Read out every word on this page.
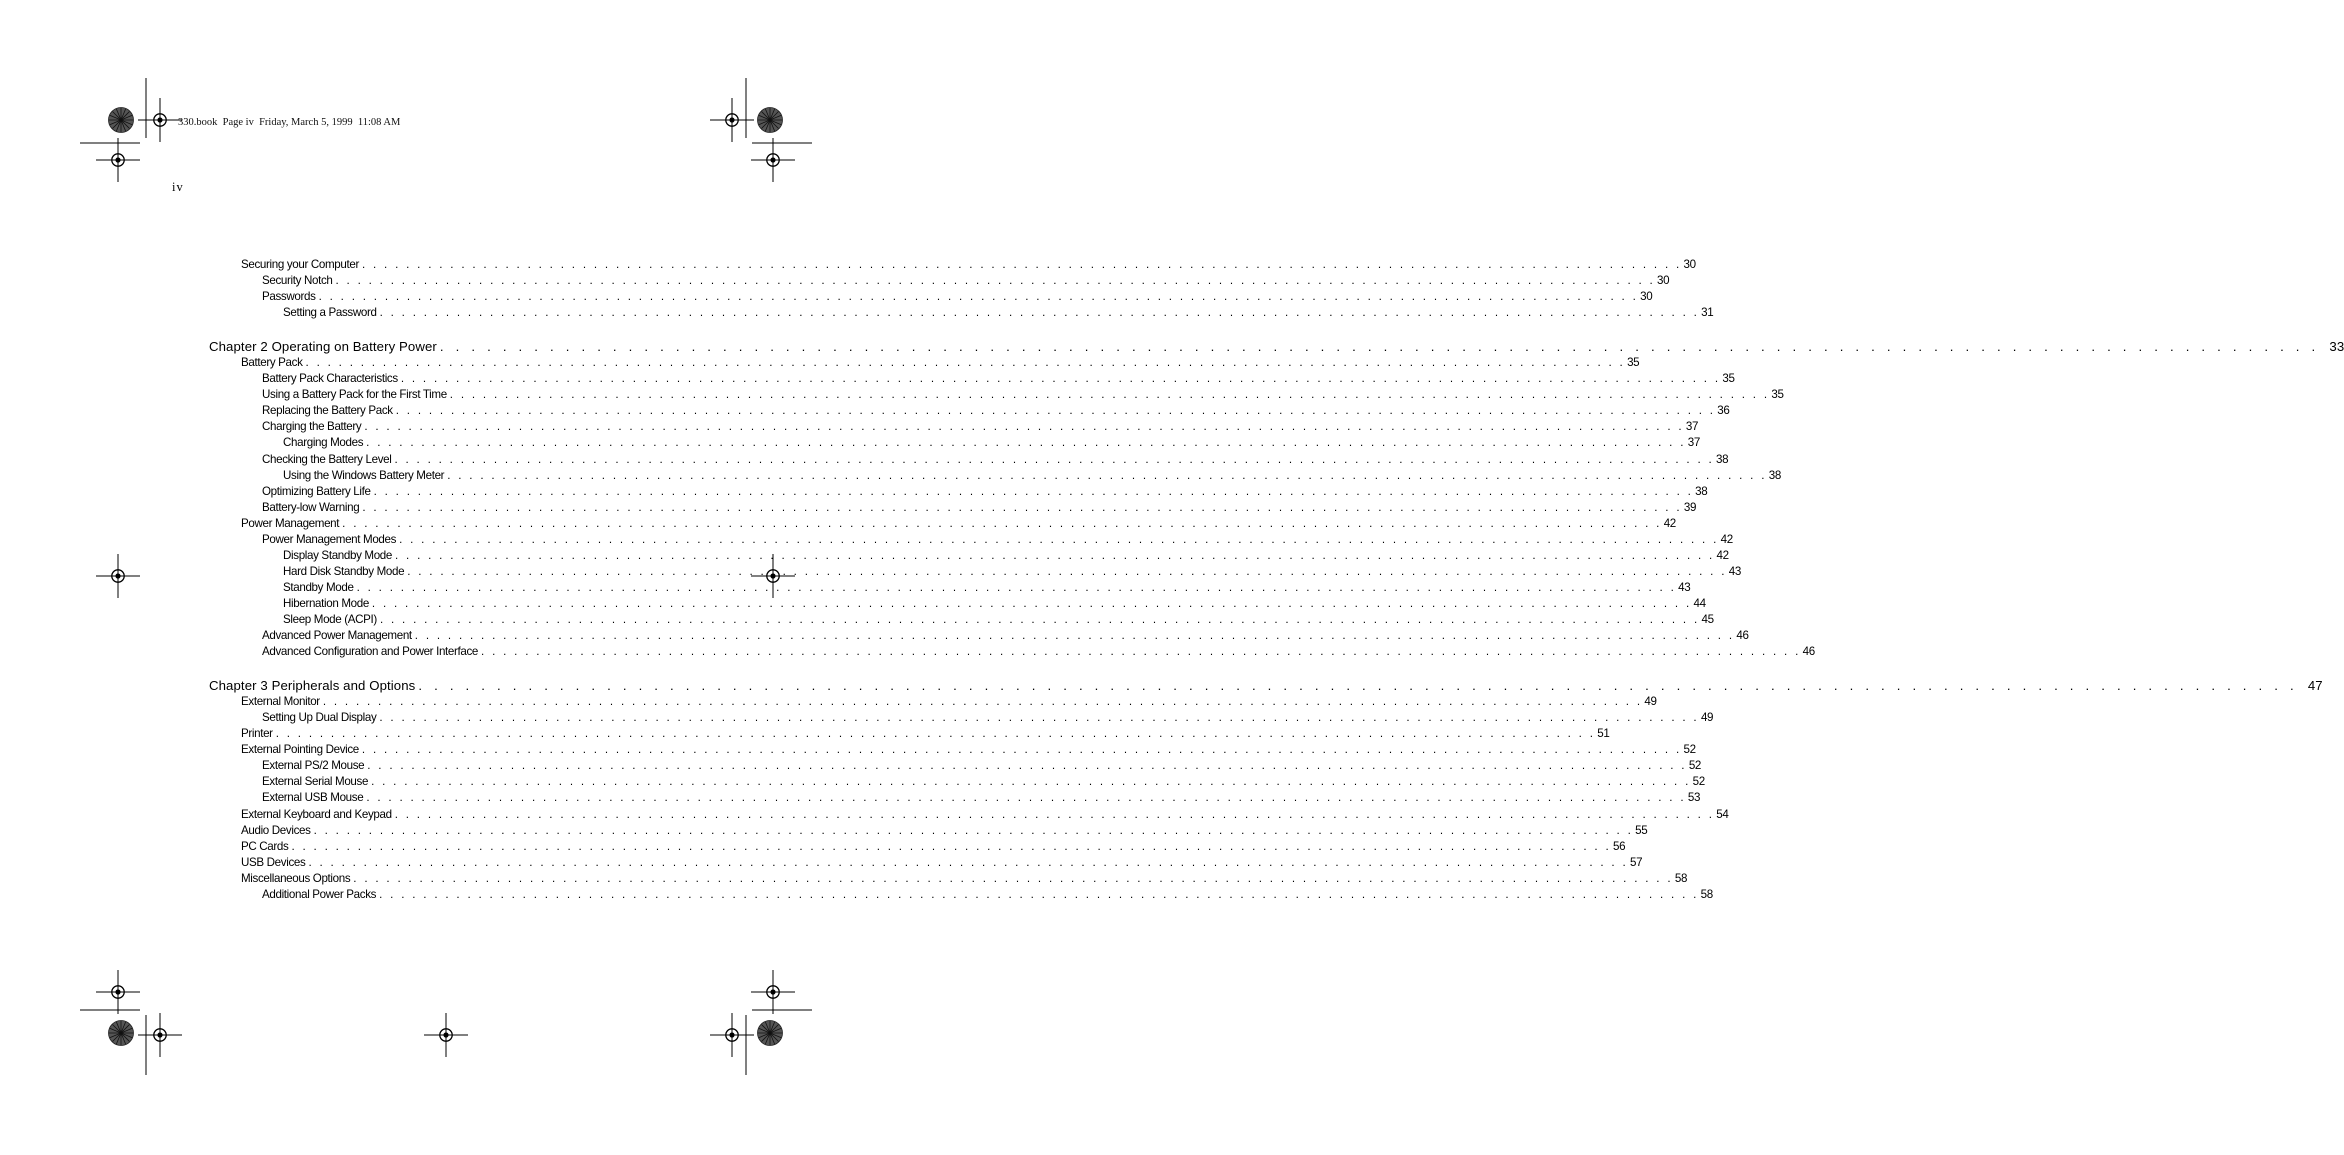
330.book  Page iv  Friday, March 5, 1999  11:08 AM
iv
Securing your Computer . . . . . . . . . . . . . . . . . . . . . . . . . . . . . . . . . . . . . . . . . . . . . . . . . . . . . . . . . . . . . . . . . . . . . . . . . . . . . . . . . . . . . . . . . . . . . . . . . . . . . . . . . . . . . . . . . . . . . . . . 30
Security Notch . . . . . . . . . . . . . . . . . . . . . . . . . . . . . . . . . . . . . . . . . . . . . . . . . . . . . . . . . . . . . . . . . . . . . . . . . . . . . . . . . . . . . . . . . . . . . . . . . . . . . . . . . . . . . . . . . . . . . . . . 30
Passwords . . . . . . . . . . . . . . . . . . . . . . . . . . . . . . . . . . . . . . . . . . . . . . . . . . . . . . . . . . . . . . . . . . . . . . . . . . . . . . . . . . . . . . . . . . . . . . . . . . . . . . . . . . . . . . . . . . . . . . . . 30
Setting a Password . . . . . . . . . . . . . . . . . . . . . . . . . . . . . . . . . . . . . . . . . . . . . . . . . . . . . . . . . . . . . . . . . . . . . . . . . . . . . . . . . . . . . . . . . . . . . . . . . . . . . . . . . . . . . . . . . . . . . . . . 31
Chapter 2 Operating on Battery Power . . . . . . . . . . . . . . . . . . . . . . . . . . . . . . . . . . . . . . . . . . . . . . . . . . . . . . . . . . . . . . . . . . . . . . . . . . . . . . . . . . . . . . . . . . . . . . . . . . . . . . . . . . . . . . . . . . . . . . . . 33
Battery Pack . . . . . . . . . . . . . . . . . . . . . . . . . . . . . . . . . . . . . . . . . . . . . . . . . . . . . . . . . . . . . . . . . . . . . . . . . . . . . . . . . . . . . . . . . . . . . . . . . . . . . . . . . . . . . . . . . . . . . . . . 35
Battery Pack Characteristics . . . . . . . . . . . . . . . . . . . . . . . . . . . . . . . . . . . . . . . . . . . . . . . . . . . . . . . . . . . . . . . . . . . . . . . . . . . . . . . . . . . . . . . . . . . . . . . . . . . . . . . . . . . . . . . . . . . . . . . . 35
Using a Battery Pack for the First Time . . . . . . . . . . . . . . . . . . . . . . . . . . . . . . . . . . . . . . . . . . . . . . . . . . . . . . . . . . . . . . . . . . . . . . . . . . . . . . . . . . . . . . . . . . . . . . . . . . . . . . . . . . . . . . . . . . . . . . . . 35
Replacing the Battery Pack . . . . . . . . . . . . . . . . . . . . . . . . . . . . . . . . . . . . . . . . . . . . . . . . . . . . . . . . . . . . . . . . . . . . . . . . . . . . . . . . . . . . . . . . . . . . . . . . . . . . . . . . . . . . . . . . . . . . . . . . 36
Charging the Battery . . . . . . . . . . . . . . . . . . . . . . . . . . . . . . . . . . . . . . . . . . . . . . . . . . . . . . . . . . . . . . . . . . . . . . . . . . . . . . . . . . . . . . . . . . . . . . . . . . . . . . . . . . . . . . . . . . . . . . . . 37
Charging Modes . . . . . . . . . . . . . . . . . . . . . . . . . . . . . . . . . . . . . . . . . . . . . . . . . . . . . . . . . . . . . . . . . . . . . . . . . . . . . . . . . . . . . . . . . . . . . . . . . . . . . . . . . . . . . . . . . . . . . . . . 37
Checking the Battery Level . . . . . . . . . . . . . . . . . . . . . . . . . . . . . . . . . . . . . . . . . . . . . . . . . . . . . . . . . . . . . . . . . . . . . . . . . . . . . . . . . . . . . . . . . . . . . . . . . . . . . . . . . . . . . . . . . . . . . . . . 38
Using the Windows Battery Meter . . . . . . . . . . . . . . . . . . . . . . . . . . . . . . . . . . . . . . . . . . . . . . . . . . . . . . . . . . . . . . . . . . . . . . . . . . . . . . . . . . . . . . . . . . . . . . . . . . . . . . . . . . . . . . . . . . . . . . . . 38
Optimizing Battery Life . . . . . . . . . . . . . . . . . . . . . . . . . . . . . . . . . . . . . . . . . . . . . . . . . . . . . . . . . . . . . . . . . . . . . . . . . . . . . . . . . . . . . . . . . . . . . . . . . . . . . . . . . . . . . . . . . . . . . . . . 38
Battery-low Warning . . . . . . . . . . . . . . . . . . . . . . . . . . . . . . . . . . . . . . . . . . . . . . . . . . . . . . . . . . . . . . . . . . . . . . . . . . . . . . . . . . . . . . . . . . . . . . . . . . . . . . . . . . . . . . . . . . . . . . . . 39
Power Management . . . . . . . . . . . . . . . . . . . . . . . . . . . . . . . . . . . . . . . . . . . . . . . . . . . . . . . . . . . . . . . . . . . . . . . . . . . . . . . . . . . . . . . . . . . . . . . . . . . . . . . . . . . . . . . . . . . . . . . . 42
Power Management Modes . . . . . . . . . . . . . . . . . . . . . . . . . . . . . . . . . . . . . . . . . . . . . . . . . . . . . . . . . . . . . . . . . . . . . . . . . . . . . . . . . . . . . . . . . . . . . . . . . . . . . . . . . . . . . . . . . . . . . . . . 42
Display Standby Mode . . . . . . . . . . . . . . . . . . . . . . . . . . . . . . . . . . . . . . . . . . . . . . . . . . . . . . . . . . . . . . . . . . . . . . . . . . . . . . . . . . . . . . . . . . . . . . . . . . . . . . . . . . . . . . . . . . . . . . . . 42
Hard Disk Standby Mode . . . . . . . . . . . . . . . . . . . . . . . . . . . . . . . . . . . . . . . . . . . . . . . . . . . . . . . . . . . . . . . . . . . . . . . . . . . . . . . . . . . . . . . . . . . . . . . . . . . . . . . . . . . . . . . . . . . . . . . . 43
Standby Mode . . . . . . . . . . . . . . . . . . . . . . . . . . . . . . . . . . . . . . . . . . . . . . . . . . . . . . . . . . . . . . . . . . . . . . . . . . . . . . . . . . . . . . . . . . . . . . . . . . . . . . . . . . . . . . . . . . . . . . . . 43
Hibernation Mode . . . . . . . . . . . . . . . . . . . . . . . . . . . . . . . . . . . . . . . . . . . . . . . . . . . . . . . . . . . . . . . . . . . . . . . . . . . . . . . . . . . . . . . . . . . . . . . . . . . . . . . . . . . . . . . . . . . . . . . . 44
Sleep Mode (ACPI) . . . . . . . . . . . . . . . . . . . . . . . . . . . . . . . . . . . . . . . . . . . . . . . . . . . . . . . . . . . . . . . . . . . . . . . . . . . . . . . . . . . . . . . . . . . . . . . . . . . . . . . . . . . . . . . . . . . . . . . . 45
Advanced Power Management . . . . . . . . . . . . . . . . . . . . . . . . . . . . . . . . . . . . . . . . . . . . . . . . . . . . . . . . . . . . . . . . . . . . . . . . . . . . . . . . . . . . . . . . . . . . . . . . . . . . . . . . . . . . . . . . . . . . . . . . 46
Advanced Configuration and Power Interface . . . . . . . . . . . . . . . . . . . . . . . . . . . . . . . . . . . . . . . . . . . . . . . . . . . . . . . . . . . . . . . . . . . . . . . . . . . . . . . . . . . . . . . . . . . . . . . . . . . . . . . . . . . . . . . . . . . . . . . . 46
Chapter 3 Peripherals and Options . . . . . . . . . . . . . . . . . . . . . . . . . . . . . . . . . . . . . . . . . . . . . . . . . . . . . . . . . . . . . . . . . . . . . . . . . . . . . . . . . . . . . . . . . . . . . . . . . . . . . . . . . . . . . . . . . . . . . . . . 47
External Monitor . . . . . . . . . . . . . . . . . . . . . . . . . . . . . . . . . . . . . . . . . . . . . . . . . . . . . . . . . . . . . . . . . . . . . . . . . . . . . . . . . . . . . . . . . . . . . . . . . . . . . . . . . . . . . . . . . . . . . . . . 49
Setting Up Dual Display . . . . . . . . . . . . . . . . . . . . . . . . . . . . . . . . . . . . . . . . . . . . . . . . . . . . . . . . . . . . . . . . . . . . . . . . . . . . . . . . . . . . . . . . . . . . . . . . . . . . . . . . . . . . . . . . . . . . . . . . 49
Printer . . . . . . . . . . . . . . . . . . . . . . . . . . . . . . . . . . . . . . . . . . . . . . . . . . . . . . . . . . . . . . . . . . . . . . . . . . . . . . . . . . . . . . . . . . . . . . . . . . . . . . . . . . . . . . . . . . . . . . . . 51
External Pointing Device . . . . . . . . . . . . . . . . . . . . . . . . . . . . . . . . . . . . . . . . . . . . . . . . . . . . . . . . . . . . . . . . . . . . . . . . . . . . . . . . . . . . . . . . . . . . . . . . . . . . . . . . . . . . . . . . . . . . . . . . 52
External PS/2 Mouse . . . . . . . . . . . . . . . . . . . . . . . . . . . . . . . . . . . . . . . . . . . . . . . . . . . . . . . . . . . . . . . . . . . . . . . . . . . . . . . . . . . . . . . . . . . . . . . . . . . . . . . . . . . . . . . . . . . . . . . . 52
External Serial Mouse . . . . . . . . . . . . . . . . . . . . . . . . . . . . . . . . . . . . . . . . . . . . . . . . . . . . . . . . . . . . . . . . . . . . . . . . . . . . . . . . . . . . . . . . . . . . . . . . . . . . . . . . . . . . . . . . . . . . . . . . 52
External USB Mouse . . . . . . . . . . . . . . . . . . . . . . . . . . . . . . . . . . . . . . . . . . . . . . . . . . . . . . . . . . . . . . . . . . . . . . . . . . . . . . . . . . . . . . . . . . . . . . . . . . . . . . . . . . . . . . . . . . . . . . . . 53
External Keyboard and Keypad . . . . . . . . . . . . . . . . . . . . . . . . . . . . . . . . . . . . . . . . . . . . . . . . . . . . . . . . . . . . . . . . . . . . . . . . . . . . . . . . . . . . . . . . . . . . . . . . . . . . . . . . . . . . . . . . . . . . . . . . 54
Audio Devices . . . . . . . . . . . . . . . . . . . . . . . . . . . . . . . . . . . . . . . . . . . . . . . . . . . . . . . . . . . . . . . . . . . . . . . . . . . . . . . . . . . . . . . . . . . . . . . . . . . . . . . . . . . . . . . . . . . . . . . . 55
PC Cards . . . . . . . . . . . . . . . . . . . . . . . . . . . . . . . . . . . . . . . . . . . . . . . . . . . . . . . . . . . . . . . . . . . . . . . . . . . . . . . . . . . . . . . . . . . . . . . . . . . . . . . . . . . . . . . . . . . . . . . . 56
USB Devices . . . . . . . . . . . . . . . . . . . . . . . . . . . . . . . . . . . . . . . . . . . . . . . . . . . . . . . . . . . . . . . . . . . . . . . . . . . . . . . . . . . . . . . . . . . . . . . . . . . . . . . . . . . . . . . . . . . . . . . . 57
Miscellaneous Options . . . . . . . . . . . . . . . . . . . . . . . . . . . . . . . . . . . . . . . . . . . . . . . . . . . . . . . . . . . . . . . . . . . . . . . . . . . . . . . . . . . . . . . . . . . . . . . . . . . . . . . . . . . . . . . . . . . . . . . . 58
Additional Power Packs . . . . . . . . . . . . . . . . . . . . . . . . . . . . . . . . . . . . . . . . . . . . . . . . . . . . . . . . . . . . . . . . . . . . . . . . . . . . . . . . . . . . . . . . . . . . . . . . . . . . . . . . . . . . . . . . . . . . . . . . 58
